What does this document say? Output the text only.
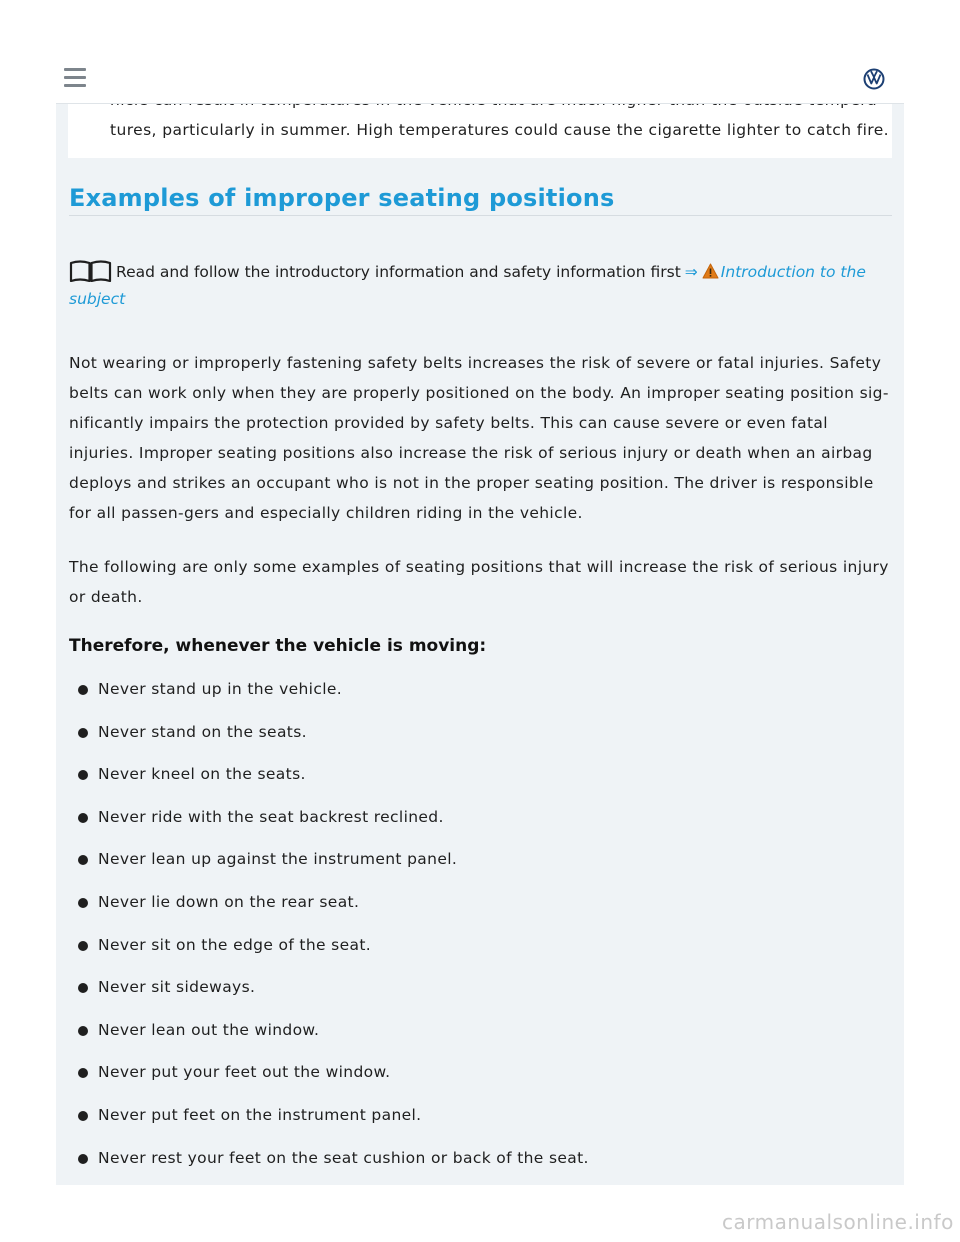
tures, particularly in summer. High temperatures could cause the cigarette lighter to catch fire.
Examples of improper seating positions
Read and follow the introductory information and safety information first ⇒ Introduction to the subject

Not wearing or improperly fastening safety belts increases the risk of severe or fatal injuries. Safety belts can work only when they are properly positioned on the body. An improper seating position sig-nificantly impairs the protection provided by safety belts. This can cause severe or even fatal injuries. Improper seating positions also increase the risk of serious injury or death when an airbag deploys and strikes an occupant who is not in the proper seating position. The driver is responsible for all passen-gers and especially children riding in the vehicle.

The following are only some examples of seating positions that will increase the risk of serious injury or death.

Therefore, whenever the vehicle is moving:
Never stand up in the vehicle.
Never stand on the seats.
Never kneel on the seats.
Never ride with the seat backrest reclined.
Never lean up against the instrument panel.
Never lie down on the rear seat.
Never sit on the edge of the seat.
Never sit sideways.
Never lean out the window.
Never put your feet out the window.
Never put feet on the instrument panel.
Never rest your feet on the seat cushion or back of the seat.
carmanualsonline.info
